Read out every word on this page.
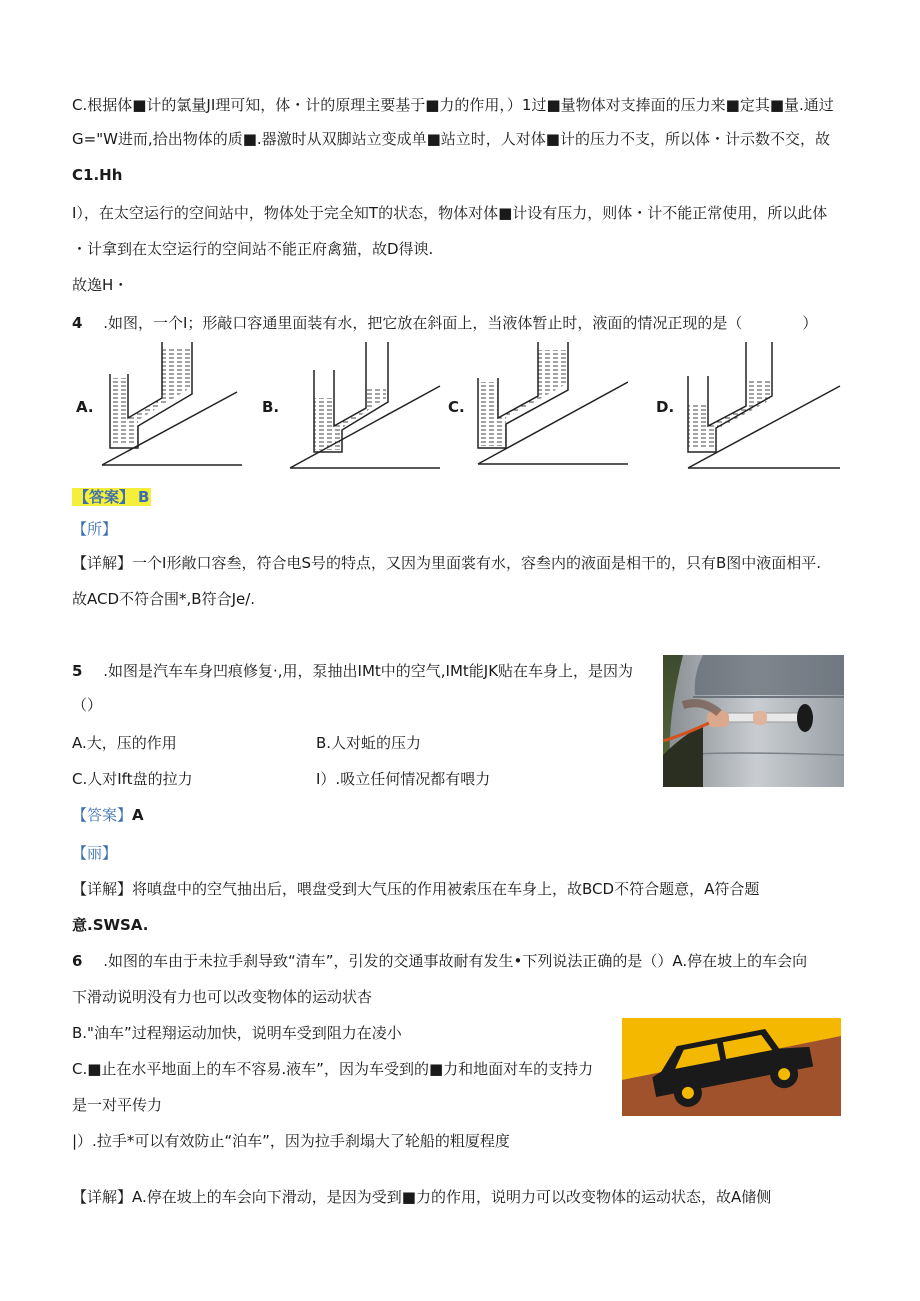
C.根据体■计的氯量JI理可知，体・计的原理主要基于■力的作用，）1过■量物体对支捧面的压力来■定其■量.通过
G="W进而,拾出物体的质■.器激时从双脚站立变成单■站立时，人对体■计的压力不支，所以体・计示数不交，故
C1.Hh
I），在太空运行的空间站中，物体处于完全知T的状态，物体对体■计设有压力，则体・计不能正常使用，所以此体
・计拿到在太空运行的空间站不能正府禽猫，故D得谀.
故逸H・
4 .如图，一个I；形敲口容通里面装有水，把它放在斜面上，当液体暂止时，液面的情况正现的是（　　　　）
A.	B.	C.	D.
【答案】 B
【所】
【详解】一个I形敞口容叁，符合电S号的特点，又因为里面裳有水，容叁内的液面是相干的，只有B图中液面相平.
故ACD不符合围*,B符合Je/.
5 .如图是汽车车身凹痕修复·,用，泵抽出IMt中的空气,IMt能JK贴在车身上，是因为
（）
A.大，压的作用	B.人对蚯的压力
C.人对Ift盘的拉力	I）.吸立任何情况都有喂力
【答案】A
【丽】
【详解】将嗔盘中的空气抽出后，喂盘受到大气压的作用被索压在车身上，故BCD不符合题意，A符合题
意.SWSA.
6 .如图的车由于未拉手刹导致“清车”，引发的交通事故耐有发生•下列说法正确的是（）A.停在坡上的车会向
下滑动说明没有力也可以改变物体的运动状杏
B."油车”过程翔运动加快，说明车受到阻力在凌小
C.■止在水平地面上的车不容易.液车”，因为车受到的■力和地面对车的支持力
是一对平传力
|）.拉手*可以有效防止“泊车”，因为拉手刹塌大了轮船的粗厦程度
【详解】A.停在坡上的车会向下滑动，是因为受到■力的作用，说明力可以改变物体的运动状态，故A储侧
